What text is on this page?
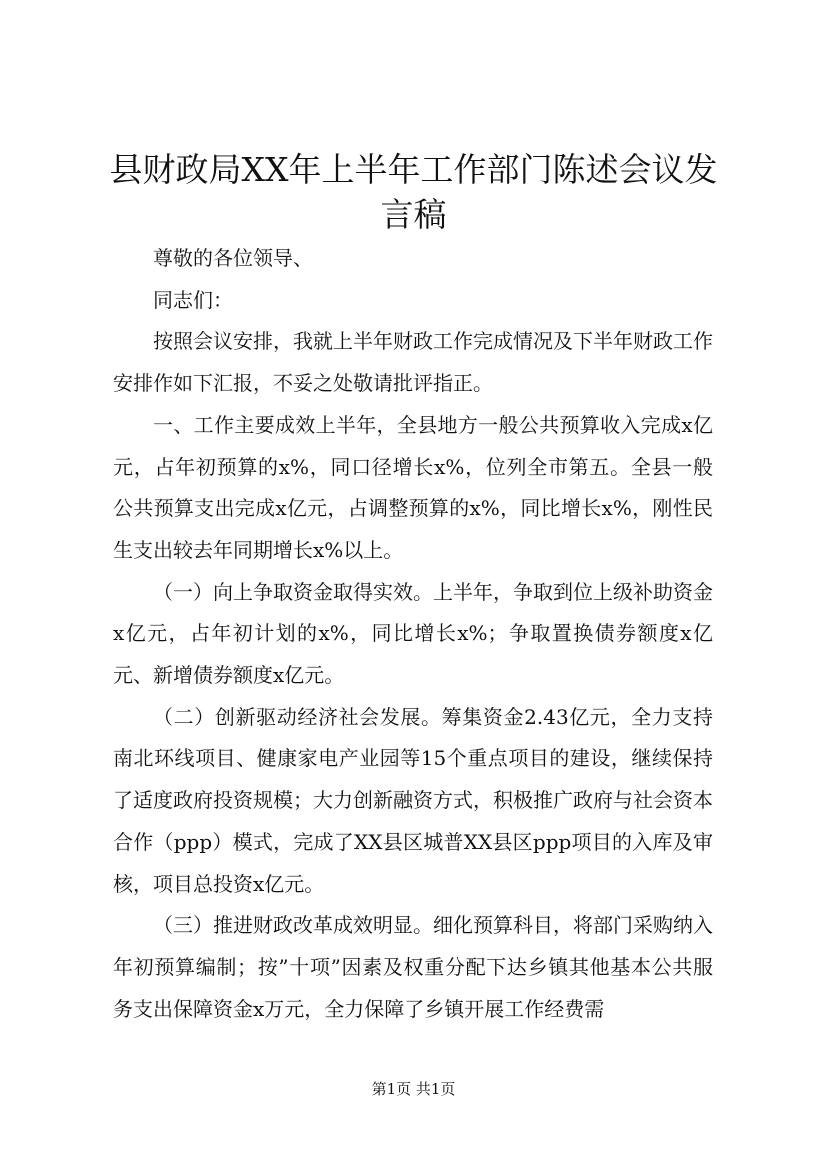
县财政局XX年上半年工作部门陈述会议发言稿

尊敬的各位领导、

同志们：

按照会议安排，我就上半年财政工作完成情况及下半年财政工作安排作如下汇报，不妥之处敬请批评指正。

一、工作主要成效上半年，全县地方一般公共预算收入完成x亿元，占年初预算的x%，同口径增长x%，位列全市第五。全县一般公共预算支出完成x亿元，占调整预算的x%，同比增长x%，刚性民生支出较去年同期增长x%以上。

（一）向上争取资金取得实效。上半年，争取到位上级补助资金x亿元，占年初计划的x%，同比增长x%；争取置换债券额度x亿元、新增债券额度x亿元。

（二）创新驱动经济社会发展。筹集资金2.43亿元，全力支持南北环线项目、健康家电产业园等15个重点项目的建设，继续保持了适度政府投资规模；大力创新融资方式，积极推广政府与社会资本合作（ppp）模式，完成了XX县区城普XX县区ppp项目的入库及审核，项目总投资x亿元。

（三）推进财政改革成效明显。细化预算科目，将部门采购纳入年初预算编制；按”十项”因素及权重分配下达乡镇其他基本公共服务支出保障资金x万元，全力保障了乡镇开展工作经费需

第1页 共1页
